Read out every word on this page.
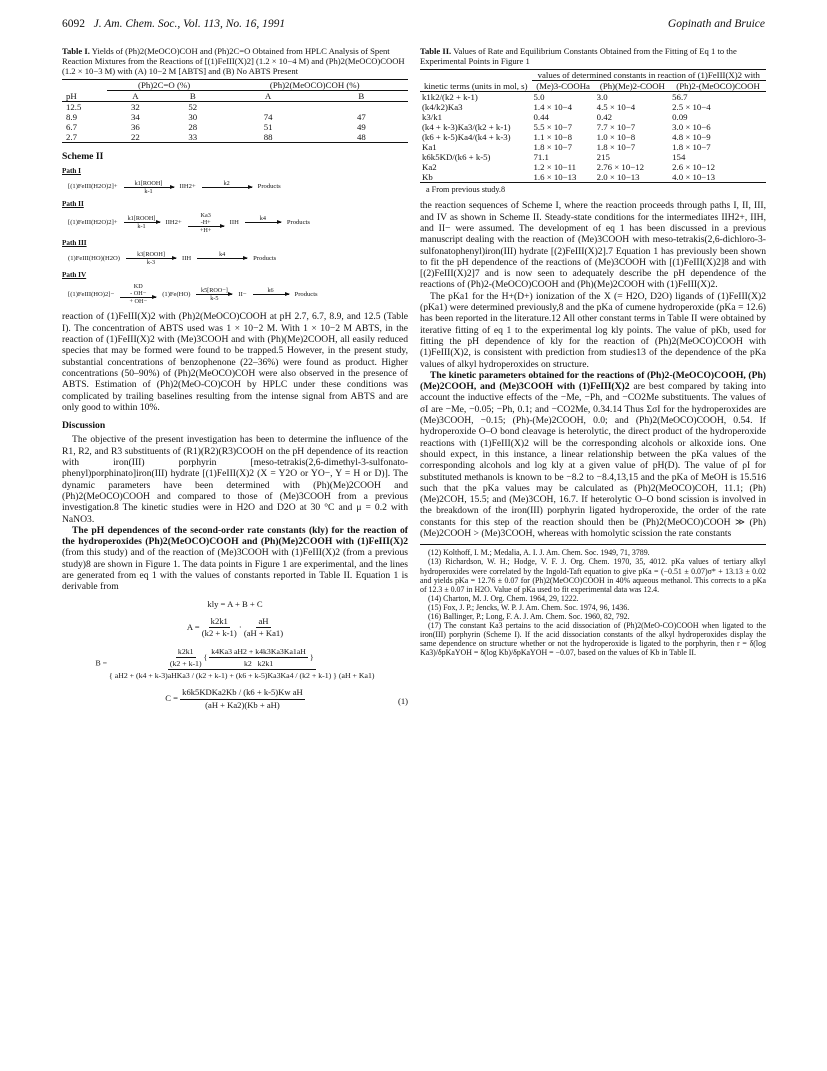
6092 J. Am. Chem. Soc., Vol. 113, No. 16, 1991	Gopinath and Bruice
Table I. Yields of (Ph)2(MeOCO)COH and (Ph)2C=O Obtained from HPLC Analysis of Spent Reaction Mixtures from the Reactions of [(1)FeIII(X)2] (1.2 × 10−4 M) and (Ph)2(MeOCO)COOH (1.2 × 10−3 M) with (A) 10−2 M [ABTS] and (B) No ABTS Present
	(Ph)2C=O (%)		(Ph)2(MeOCO)COH (%)	
pH	A	B	A	B
12.5	32	52		
8.9	34	30	74	47
6.7	36	28	51	49
2.7	22	33	88	48
Scheme II
Path I
[(1)FeIII(H2O)2]+
k1[ROOH]
k-1
IIH2+
k2

Products
Path II
[(1)FeIII(H2O)2]+
k1[ROOH]
k-1
IIH2+
Ka3
-H+
+H+
IIH
k4

Products
Path III
(1)FeIII(HO)(H2O)
k3[ROOH]
k-3
IIH
k4

Products
Path IV
[(1)FeIII(HO)2]−
KD
- OH−
+ OH−
(1)Fe(HO)
k5[ROO−]
k-5
II−
k6

Products

reaction of (1)FeIII(X)2 with (Ph)2(MeOCO)COOH at pH 2.7, 6.7, 8.9, and 12.5 (Table I). The concentration of ABTS used was 1 × 10−2 M. With 1 × 10−2 M ABTS, in the reaction of (1)FeIII(X)2 with (Me)3COOH and with (Ph)(Me)2COOH, all easily reduced species that may be formed were found to be trapped.5 However, in the present study, substantial concentrations of benzophenone (22–36%) were found as product. Higher concentrations (50–90%) of (Ph)2(MeOCO)COH were also observed in the presence of ABTS. Estimation of (Ph)2(MeO-CO)COH by HPLC under these conditions was complicated by trailing baselines resulting from the intense signal from ABTS and are only good to within 10%.

Discussion

The objective of the present investigation has been to determine the influence of the R1, R2, and R3 substituents of (R1)(R2)(R3)COOH on the pH dependence of its reaction with iron(III) porphyrin [meso-tetrakis(2,6-dimethyl-3-sulfonato-phenyl)porphinato]iron(III) hydrate [(1)FeIII(X)2 (X = Y2O or YO−, Y = H or D)]. The dynamic parameters have been determined with (Ph)(Me)2COOH and (Ph)2(MeOCO)COOH and compared to those of (Me)3COOH from a previous investigation.8 The kinetic studies were in H2O and D2O at 30 °C and μ = 0.2 with NaNO3.

The pH dependences of the second-order rate constants (kly) for the reaction of the hydroperoxides (Ph)2(MeOCO)COOH and (Ph)(Me)2COOH with (1)FeIII(X)2 (from this study) and of the reaction of (Me)3COOH with (1)FeIII(X)2 (from a previous study)8 are shown in Figure 1. The data points in Figure 1 are experimental, and the lines are generated from eq 1 with the values of constants reported in Table II. Equation 1 is derivable from

kly = A + B + C
$A = \frac{k2k1}{(k2 + k-1)} \cdot \frac{aH}{(aH + Ka1)}$
B =	$\frac{k2k1}{(k2 + k-1)}$ { $\frac{k4Ka3 aH2 + k4k3Ka3Ka1aH}{k2 k2k1}$ }
{ aH2 + (k4 + k-3)aHKa3 / (k2 + k-1) + (k6 + k-5)Ka3Ka4 / (k2 + k-1) } (aH + Ka1)
$C = \frac{\text{k6k5KDKa2Kb / (k6 + k-5)Kw aH}}{(aH + Ka2)(Kb + aH)}$	(1)
Table II. Values of Rate and Equilibrium Constants Obtained from the Fitting of Eq 1 to the Experimental Points in Figure 1
	values of determined constants in reaction of (1)FeIII(X)2 with		
kinetic terms (units in mol, s)	(Me)3-COOHa	(Ph)(Me)2-COOH	(Ph)2-(MeOCO)COOH
k1k2/(k2 + k-1)	5.0	3.0	56.7
(k4/k2)Ka3	1.4 × 10−4	4.5 × 10−4	2.5 × 10−4
k3/k1	0.44	0.42	0.09
(k4 + k-3)Ka3/(k2 + k-1)	5.5 × 10−7	7.7 × 10−7	3.0 × 10−6
(k6 + k-5)Ka4/(k4 + k-3)	1.1 × 10−8	1.0 × 10−8	4.8 × 10−9
Ka1	1.8 × 10−7	1.8 × 10−7	1.8 × 10−7
k6k5KD/(k6 + k-5)	71.1	215	154
Ka2	1.2 × 10−11	2.76 × 10−12	2.6 × 10−12
Kb	1.6 × 10−13	2.0 × 10−13	4.0 × 10−13
a From previous study.8

the reaction sequences of Scheme I, where the reaction proceeds through paths I, II, III, and IV as shown in Scheme II. Steady-state conditions for the intermediates IIH2+, IIH, and II− were assumed. The development of eq 1 has been discussed in a previous manuscript dealing with the reaction of (Me)3COOH with meso-tetrakis(2,6-dichloro-3-sulfonatophenyl)iron(III) hydrate [(2)FeIII(X)2].7 Equation 1 has previously been shown to fit the pH dependence of the reactions of (Me)3COOH with [(1)FeIII(X)2]8 and with [(2)FeIII(X)2]7 and is now seen to adequately describe the pH dependence of the reactions of (Ph)2-(MeOCO)COOH and (Ph)(Me)2COOH with (1)FeIII(X)2.

The pKa1 for the H+(D+) ionization of the X (= H2O, D2O) ligands of (1)FeIII(X)2 (pKa1) were determined previously,8 and the pKa of cumene hydroperoxide (pKa = 12.6) has been reported in the literature.12 All other constant terms in Table II were obtained by iterative fitting of eq 1 to the experimental log kly points. The value of pKb, used for fitting the pH dependence of kly for the reaction of (Ph)2(MeOCO)COOH with (1)FeIII(X)2, is consistent with prediction from studies13 of the dependence of the pKa values of alkyl hydroperoxides on structure.

The kinetic parameters obtained for the reactions of (Ph)2-(MeOCO)COOH, (Ph)(Me)2COOH, and (Me)3COOH with (1)FeIII(X)2 are best compared by taking into account the inductive effects of the −Me, −Ph, and −CO2Me substituents. The values of σI are −Me, −0.05; −Ph, 0.1; and −CO2Me, 0.34.14 Thus ΣσI for the hydroperoxides are (Me)3COOH, −0.15; (Ph)-(Me)2COOH, 0.0; and (Ph)2(MeOCO)COOH, 0.54. If hydroperoxide O–O bond cleavage is heterolytic, the direct product of the hydroperoxide reactions with (1)FeIII(X)2 will be the corresponding alcohols or alkoxide ions. One should expect, in this instance, a linear relationship between the pKa values of the corresponding alcohols and log kly at a given value of pH(D). The value of ρI for substituted methanols is known to be −8.2 to −8.4,13,15 and the pKa of MeOH is 15.516 such that the pKa values may be calculated as (Ph)2(MeOCO)COH, 11.1; (Ph)(Me)2COH, 15.5; and (Me)3COH, 16.7. If heterolytic O–O bond scission is involved in the breakdown of the iron(III) porphyrin ligated hydroperoxide, the order of the rate constants for this step of the reaction should then be (Ph)2(MeOCO)COOH ≫ (Ph)(Me)2COOH > (Me)3COOH, whereas with homolytic scission the rate constants

(12) Kolthoff, I. M.; Medalia, A. I. J. Am. Chem. Soc. 1949, 71, 3789.
(13) Richardson, W. H.; Hodge, V. F. J. Org. Chem. 1970, 35, 4012. pKa values of tertiary alkyl hydroperoxides were correlated by the Ingold-Taft equation to give pKa = (−0.51 ± 0.07)σ* + 13.13 ± 0.02 and yields pKa = 12.76 ± 0.07 for (Ph)2(MeOCO)COOH in 40% aqueous methanol. This corrects to a pKa of 12.3 ± 0.07 in H2O. Value of pKa used to fit experimental data was 12.4.
(14) Charton, M. J. Org. Chem. 1964, 29, 1222.
(15) Fox, J. P.; Jencks, W. P. J. Am. Chem. Soc. 1974, 96, 1436.
(16) Ballinger, P.; Long, F. A. J. Am. Chem. Soc. 1960, 82, 792.
(17) The constant Ka3 pertains to the acid dissociation of (Ph)2(MeO-CO)COOH when ligated to the iron(III) porphyrin (Scheme I). If the acid dissociation constants of the alkyl hydroperoxides display the same dependence on structure whether or not the hydroperoxide is ligated to the porphyrin, then r = δ(log Ka3)/δpKaYOH = δ(log Kb)/δpKaYOH = −0.07, based on the values of Kb in Table II.
